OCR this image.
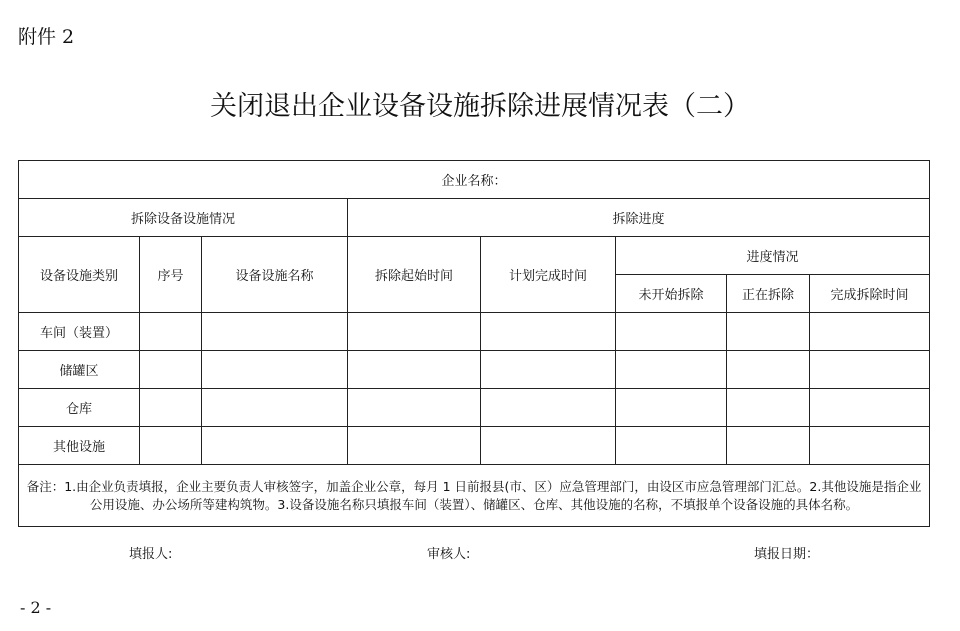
附件 2
关闭退出企业设备设施拆除进展情况表（二）
企业名称：							
拆除设备设施情况			拆除进度				
设备设施类别	序号	设备设施名称	拆除起始时间	计划完成时间	进度情况		
					未开始拆除	正在拆除	完成拆除时间
车间（装置）							
储罐区							
仓库							
其他设施							
备注：1.由企业负责填报，企业主要负责人审核签字，加盖企业公章，每月 1 日前报县(市、区）应急管理部门，由设区市应急管理部门汇总。2.其他设施是指企业公用设施、办公场所等建构筑物。3.设备设施名称只填报车间（装置）、储罐区、仓库、其他设施的名称，不填报单个设备设施的具体名称。							
填报人:	审核人:	填报日期：
- 2 -
